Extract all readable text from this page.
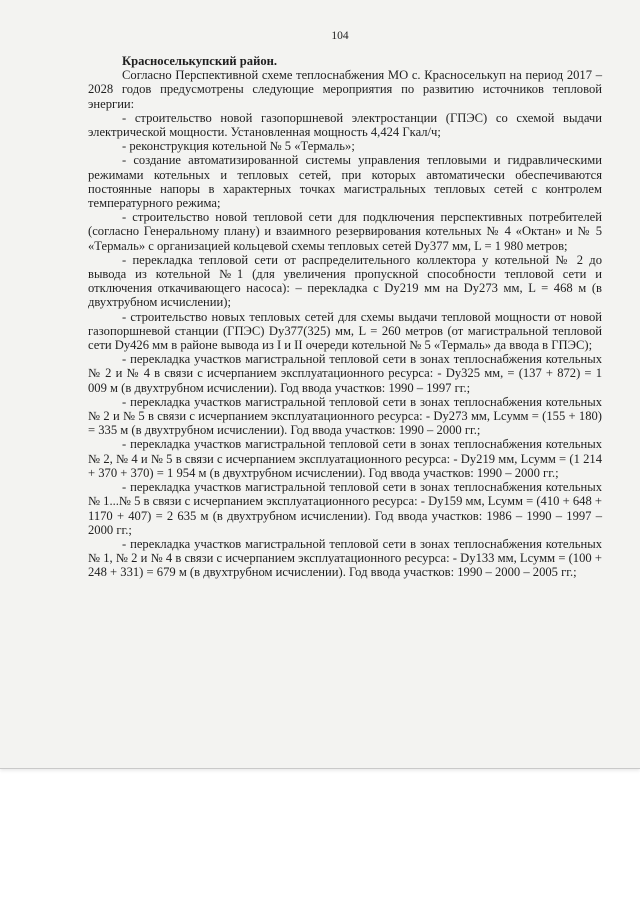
104

Красноселькупский район.

Согласно Перспективной схеме теплоснабжения МО с. Красноселькуп на период 2017 – 2028 годов предусмотрены следующие мероприятия по развитию источников тепловой энергии:

- строительство новой газопоршневой электростанции (ГПЭС) со схемой выдачи электрической мощности. Установленная мощность 4,424 Гкал/ч;

- реконструкция котельной № 5 «Термаль»;

- создание автоматизированной системы управления тепловыми и гидравлическими режимами котельных и тепловых сетей, при которых автоматически обеспечиваются постоянные напоры в характерных точках магистральных тепловых сетей с контролем температурного режима;

- строительство новой тепловой сети для подключения перспективных потребителей (согласно Генеральному плану) и взаимного резервирования котельных № 4 «Октан» и № 5 «Термаль» с организацией кольцевой схемы тепловых сетей Dy377 мм, L = 1 980 метров;

- перекладка тепловой сети от распределительного коллектора у котельной № 2 до вывода из котельной №1 (для увеличения пропускной способности тепловой сети и отключения откачивающего насоса): – перекладка с Dy219 мм на Dy273 мм, L = 468 м (в двухтрубном исчислении);

- строительство новых тепловых сетей для схемы выдачи тепловой мощности от новой газопоршневой станции (ГПЭС) Dy377(325) мм, L = 260 метров (от магистральной тепловой сети Dy426 мм в районе вывода из I и II очереди котельной № 5 «Термаль» да ввода в ГПЭС);

- перекладка участков магистральной тепловой сети в зонах теплоснабжения котельных № 2 и № 4 в связи с исчерпанием эксплуатационного ресурса: - Dy325 мм, = (137 + 872) = 1 009 м (в двухтрубном исчислении). Год ввода участков: 1990 – 1997 гг.;

- перекладка участков магистральной тепловой сети в зонах теплоснабжения котельных № 2 и № 5 в связи с исчерпанием эксплуатационного ресурса: - Dy273 мм, Lсумм = (155 + 180) = 335 м (в двухтрубном исчислении). Год ввода участков: 1990 – 2000 гг.;

- перекладка участков магистральной тепловой сети в зонах теплоснабжения котельных № 2, № 4 и № 5 в связи с исчерпанием эксплуатационного ресурса: - Dy219 мм, Lсумм = (1 214 + 370 + 370) = 1 954 м (в двухтрубном исчислении). Год ввода участков: 1990 – 2000 гг.;

- перекладка участков магистральной тепловой сети в зонах теплоснабжения котельных № 1...№ 5 в связи с исчерпанием эксплуатационного ресурса: - Dy159 мм, Lсумм = (410 + 648 + 1170 + 407) = 2 635 м (в двухтрубном исчислении). Год ввода участков: 1986 – 1990 – 1997 – 2000 гг.;

- перекладка участков магистральной тепловой сети в зонах теплоснабжения котельных № 1, № 2 и № 4 в связи с исчерпанием эксплуатационного ресурса: - Dy133 мм, Lсумм = (100 + 248 + 331) = 679 м (в двухтрубном исчислении). Год ввода участков: 1990 – 2000 – 2005 гг.;
